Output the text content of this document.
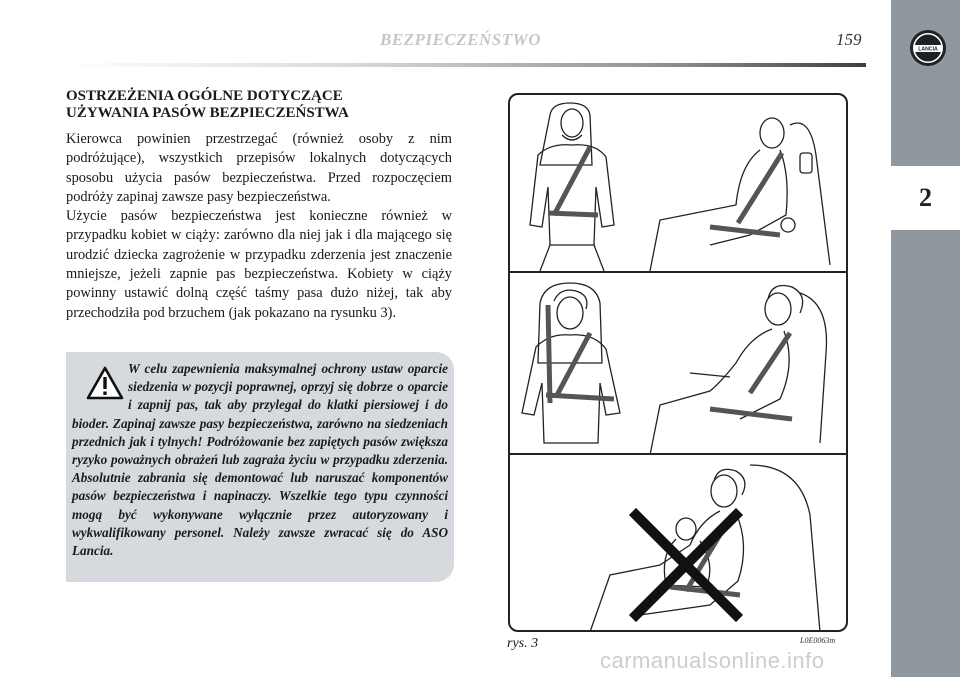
BEZPIECZEŃSTWO	159
LANCIA
2
OSTRZEŻENIA OGÓLNE DOTYCZĄCE
UŻYWANIA PASÓW BEZPIECZEŃSTWA

Kierowca powinien przestrzegać (również osoby z nim podróżujące), wszystkich przepisów lokalnych dotyczących sposobu użycia pasów bezpieczeństwa. Przed rozpoczęciem podróży zapinaj zawsze pasy bezpieczeństwa.

Użycie pasów bezpieczeństwa jest konieczne również w przypadku kobiet w ciąży: zarówno dla niej jak i dla mającego się urodzić dziecka zagrożenie w przypadku zderzenia jest znaczenie mniejsze, jeżeli zapnie pas bezpieczeństwa. Kobiety w ciąży powinny ustawić dolną część taśmy pasa dużo niżej, tak aby przechodziła pod brzuchem (jak pokazano na rysunku 3).

W celu zapewnienia maksymalnej ochrony ustaw oparcie siedzenia w pozycji poprawnej, oprzyj się dobrze o oparcie i zapnij pas, tak aby przylegał do klatki piersiowej i do bioder. Zapinaj zawsze pasy bezpieczeństwa, zarówno na siedzeniach przednich jak i tylnych! Podróżowanie bez zapiętych pasów zwiększa ryzyko poważnych obrażeń lub zagraża życiu w przypadku zderzenia. Absolutnie zabrania się demontować lub naruszać komponentów pasów bezpieczeństwa i napinaczy. Wszelkie tego typu czynności mogą być wykonywane wyłącznie przez autoryzowany i wykwalifikowany personel. Należy zawsze zwracać się do ASO Lancia.
rys. 3	L0E0063m
carmanualsonline.info
